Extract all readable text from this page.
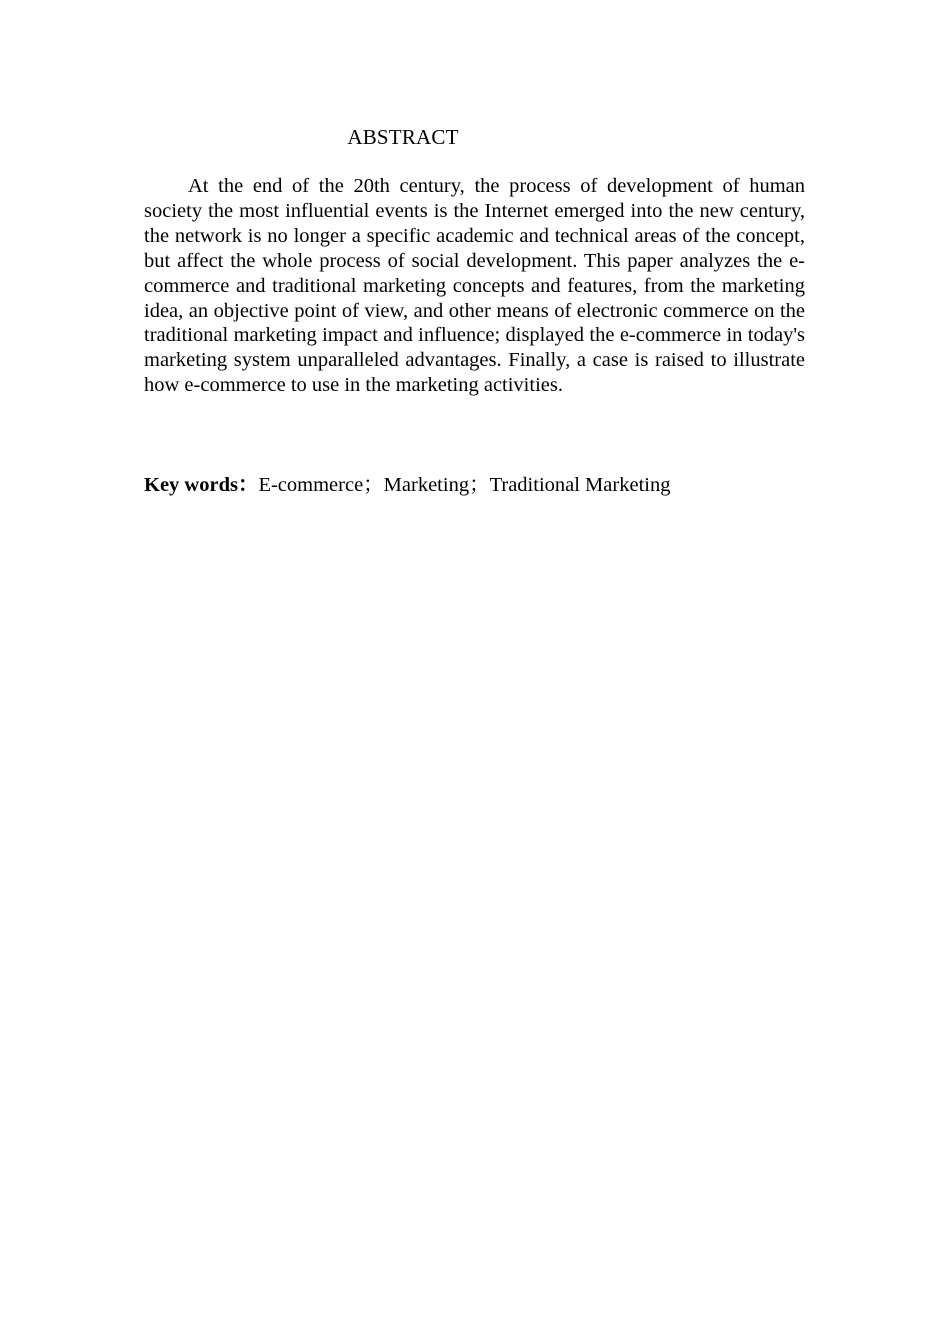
ABSTRACT

At the end of the 20th century, the process of development of human society the most influential events is the Internet emerged into the new century, the network is no longer a specific academic and technical areas of the concept, but affect the whole process of social development. This paper analyzes the e-commerce and traditional marketing concepts and features, from the marketing idea, an objective point of view, and other means of electronic commerce on the traditional marketing impact and influence; displayed the e-commerce in today's marketing system unparalleled advantages. Finally, a case is raised to illustrate how e-commerce to use in the marketing activities.

Key words：E-commerce；Marketing；Traditional Marketing
